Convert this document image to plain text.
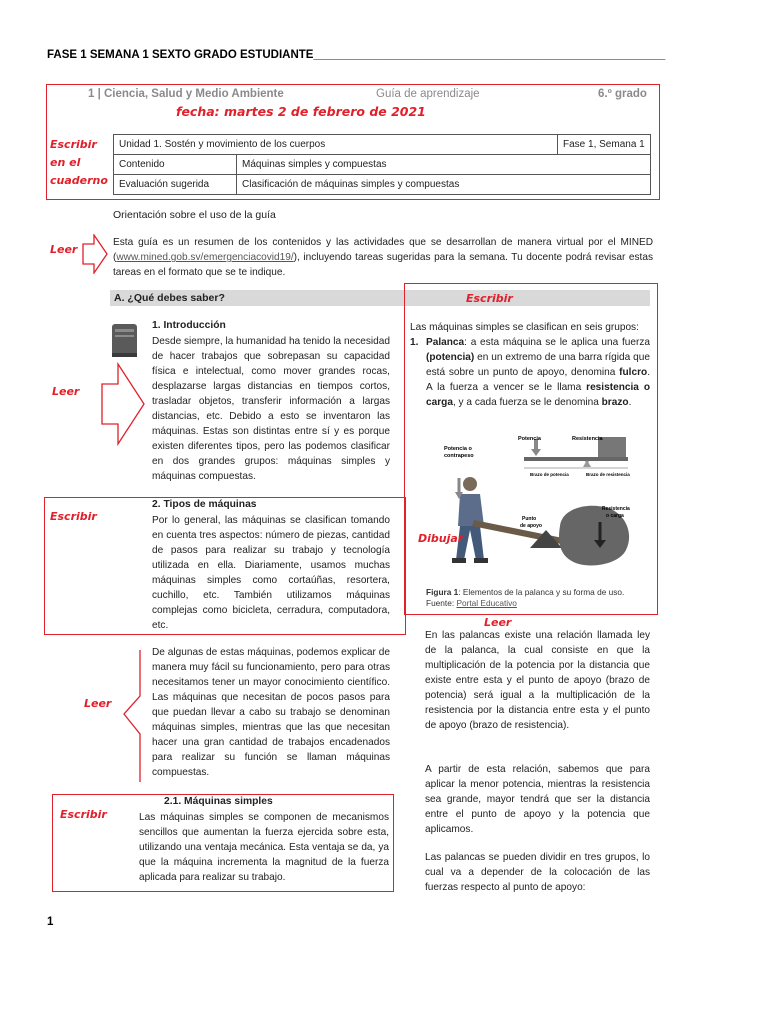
FASE 1 SEMANA 1 SEXTO GRADO ESTUDIANTE_______________________________________________________
1 | Ciencia, Salud y Medio Ambiente	Guía de aprendizaje	6.º grado
fecha: martes 2 de febrero de 2021
Escribir
en el
cuaderno
Unidad 1. Sostén y movimiento de los cuerpos		Fase 1, Semana 1
Contenido	Máquinas simples y compuestas	
Evaluación sugerida	Clasificación de máquinas simples y compuestas	
Orientación sobre el uso de la guía
Leer
Esta guía es un resumen de los contenidos y las actividades que se desarrollan de manera virtual por el MINED (www.mined.gob.sv/emergenciacovid19/), incluyendo tareas sugeridas para la semana. Tu docente podrá revisar estas tareas en el formato que se te indique.
A. ¿Qué debes saber?	Escribir
1. Introducción
Desde siempre, la humanidad ha tenido la necesidad de hacer trabajos que sobrepasan su capacidad física e intelectual, como mover grandes rocas, desplazarse largas distancias en tiempos cortos, trasladar objetos, transferir información a largas distancias, etc. Debido a esto se inventaron las máquinas. Estas son distintas entre sí y es porque existen diferentes tipos, pero las podemos clasificar en dos grandes grupos: máquinas simples y máquinas compuestas.
Leer
Escribir
2. Tipos de máquinas
Por lo general, las máquinas se clasifican tomando en cuenta tres aspectos: número de piezas, cantidad de pasos para realizar su trabajo y tecnología utilizada en ella. Diariamente, usamos muchas máquinas simples como cortaúñas, resortera, cuchillo, etc. También utilizamos máquinas complejas como bicicleta, cerradura, computadora, etc.
Leer
De algunas de estas máquinas, podemos explicar de manera muy fácil su funcionamiento, pero para otras necesitamos tener un mayor conocimiento científico. Las máquinas que necesitan de pocos pasos para que puedan llevar a cabo su trabajo se denominan máquinas simples, mientras que las que necesitan hacer una gran cantidad de trabajos encadenados para realizar su función se llaman máquinas compuestas.
Escribir
2.1. Máquinas simples
Las máquinas simples se componen de mecanismos sencillos que aumentan la fuerza ejercida sobre esta, utilizando una ventaja mecánica. Esta ventaja se da, ya que la máquina incrementa la magnitud de la fuerza aplicada para realizar su trabajo.
Las máquinas simples se clasifican en seis grupos:
1. Palanca: a esta máquina se le aplica una fuerza (potencia) en un extremo de una barra rígida que está sobre un punto de apoyo, denomina fulcro. A la fuerza a vencer se le llama resistencia o carga, y a cada fuerza se le denomina brazo.
Potencia	Resistencia
Potencia o
contrapeso
Brazo de potencia	Brazo de resistencia
Punto
de apoyo
Resistencia
o carga
Dibujar
Figura 1: Elementos de la palanca y su forma de uso.
Fuente: Portal Educativo
Leer
En las palancas existe una relación llamada ley de la palanca, la cual consiste en que la multiplicación de la potencia por la distancia que existe entre esta y el punto de apoyo (brazo de potencia) será igual a la multiplicación de la resistencia por la distancia entre esta y el punto de apoyo (brazo de resistencia).
A partir de esta relación, sabemos que para aplicar la menor potencia, mientras la resistencia sea grande, mayor tendrá que ser la distancia entre el punto de apoyo y la potencia que aplicamos.
Las palancas se pueden dividir en tres grupos, lo cual va a depender de la colocación de las fuerzas respecto al punto de apoyo:
1
